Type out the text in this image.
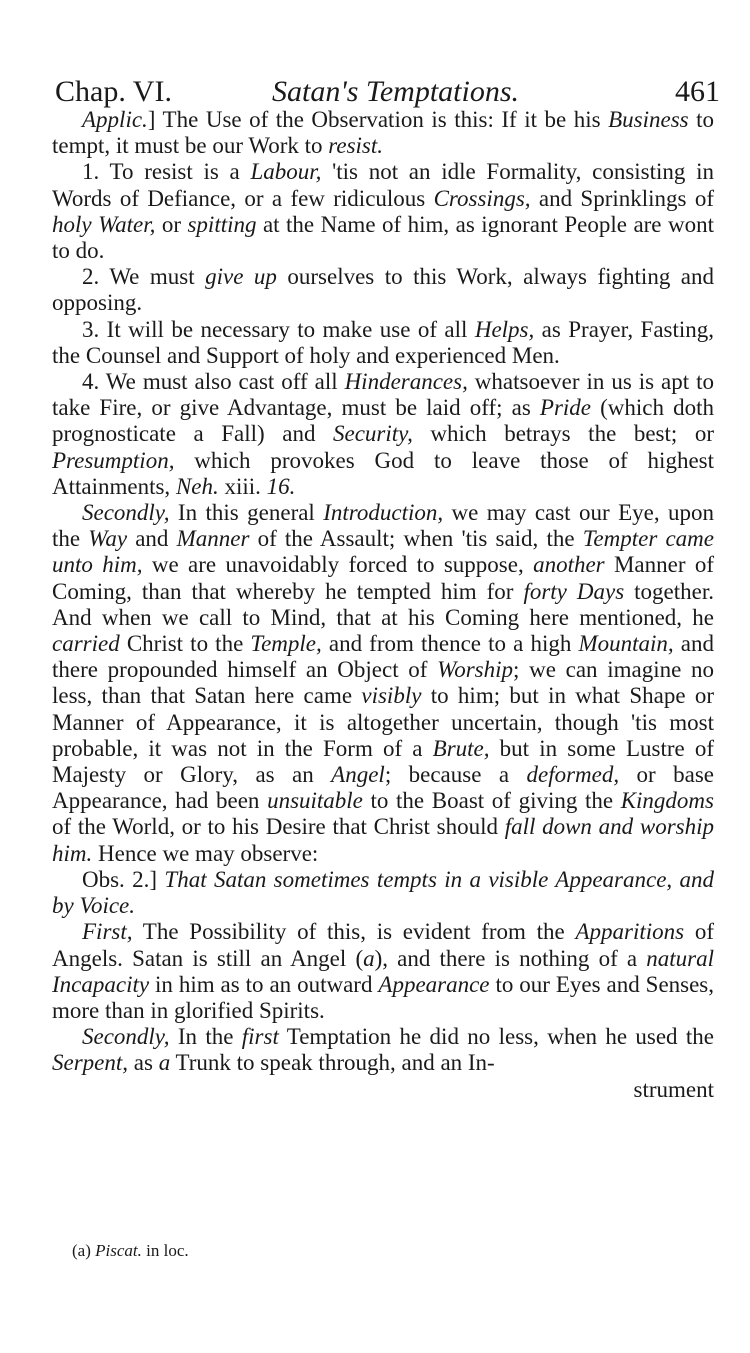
Chap. VI.	Satan's Temptations.	461

Applic.] The Use of the Observation is this: If it be his Business to tempt, it must be our Work to resist.

1. To resist is a Labour, 'tis not an idle Formality, consisting in Words of Defiance, or a few ridiculous Crossings, and Sprinklings of holy Water, or spitting at the Name of him, as ignorant People are wont to do.

2. We must give up ourselves to this Work, always fighting and opposing.

3. It will be necessary to make use of all Helps, as Prayer, Fasting, the Counsel and Support of holy and experienced Men.

4. We must also cast off all Hinderances, whatsoever in us is apt to take Fire, or give Advantage, must be laid off; as Pride (which doth prognosticate a Fall) and Security, which betrays the best; or Presumption, which provokes God to leave those of highest Attainments, Neh. xiii. 16.

Secondly, In this general Introduction, we may cast our Eye, upon the Way and Manner of the Assault; when 'tis said, the Tempter came unto him, we are unavoidably forced to suppose, another Manner of Coming, than that whereby he tempted him for forty Days together. And when we call to Mind, that at his Coming here mentioned, he carried Christ to the Temple, and from thence to a high Mountain, and there propounded himself an Object of Worship; we can imagine no less, than that Satan here came visibly to him; but in what Shape or Manner of Appearance, it is altogether uncertain, though 'tis most probable, it was not in the Form of a Brute, but in some Lustre of Majesty or Glory, as an Angel; because a deformed, or base Appearance, had been unsuitable to the Boast of giving the Kingdoms of the World, or to his Desire that Christ should fall down and worship him. Hence we may observe:

Obs. 2.] That Satan sometimes tempts in a visible Appearance, and by Voice.

First, The Possibility of this, is evident from the Apparitions of Angels. Satan is still an Angel (a), and there is nothing of a natural Incapacity in him as to an outward Appearance to our Eyes and Senses, more than in glorified Spirits.

Secondly, In the first Temptation he did no less, when he used the Serpent, as a Trunk to speak through, and an In-

strument

(a) Piscat. in loc.
